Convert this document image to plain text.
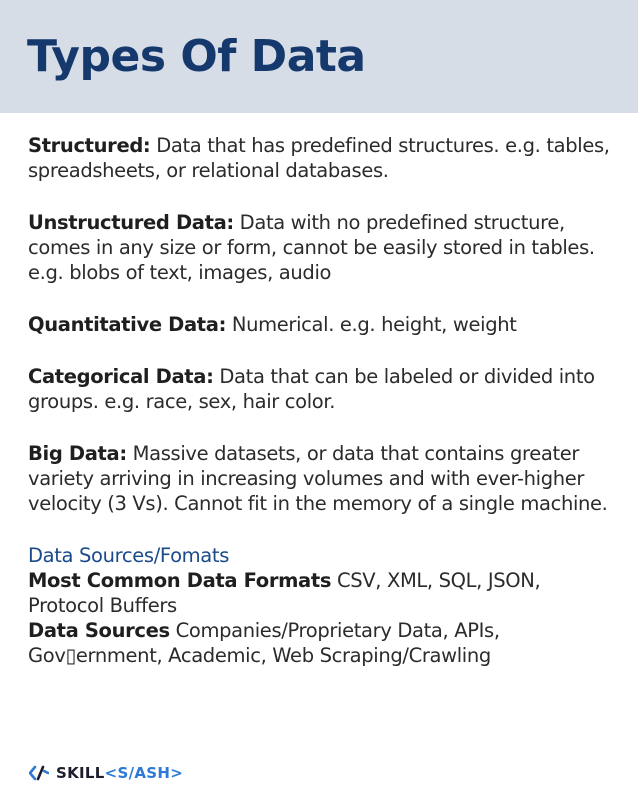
Types Of Data

Structured: Data that has predefined structures. e.g. tables, spreadsheets, or relational databases.

Unstructured Data: Data with no predefined structure, comes in any size or form, cannot be easily stored in tables. e.g. blobs of text, images, audio

Quantitative Data: Numerical. e.g. height, weight

Categorical Data: Data that can be labeled or divided into groups. e.g. race, sex, hair color.

Big Data: Massive datasets, or data that contains greater variety arriving in increasing volumes and with ever-higher velocity (3 Vs). Cannot fit in the memory of a single machine.

Data Sources/Fomats

Most Common Data Formats CSV, XML, SQL, JSON, Protocol Buffers

Data Sources Companies/Proprietary Data, APIs, Gov▯ernment, Academic, Web Scraping/Crawling

SKILL <S/ASH>
